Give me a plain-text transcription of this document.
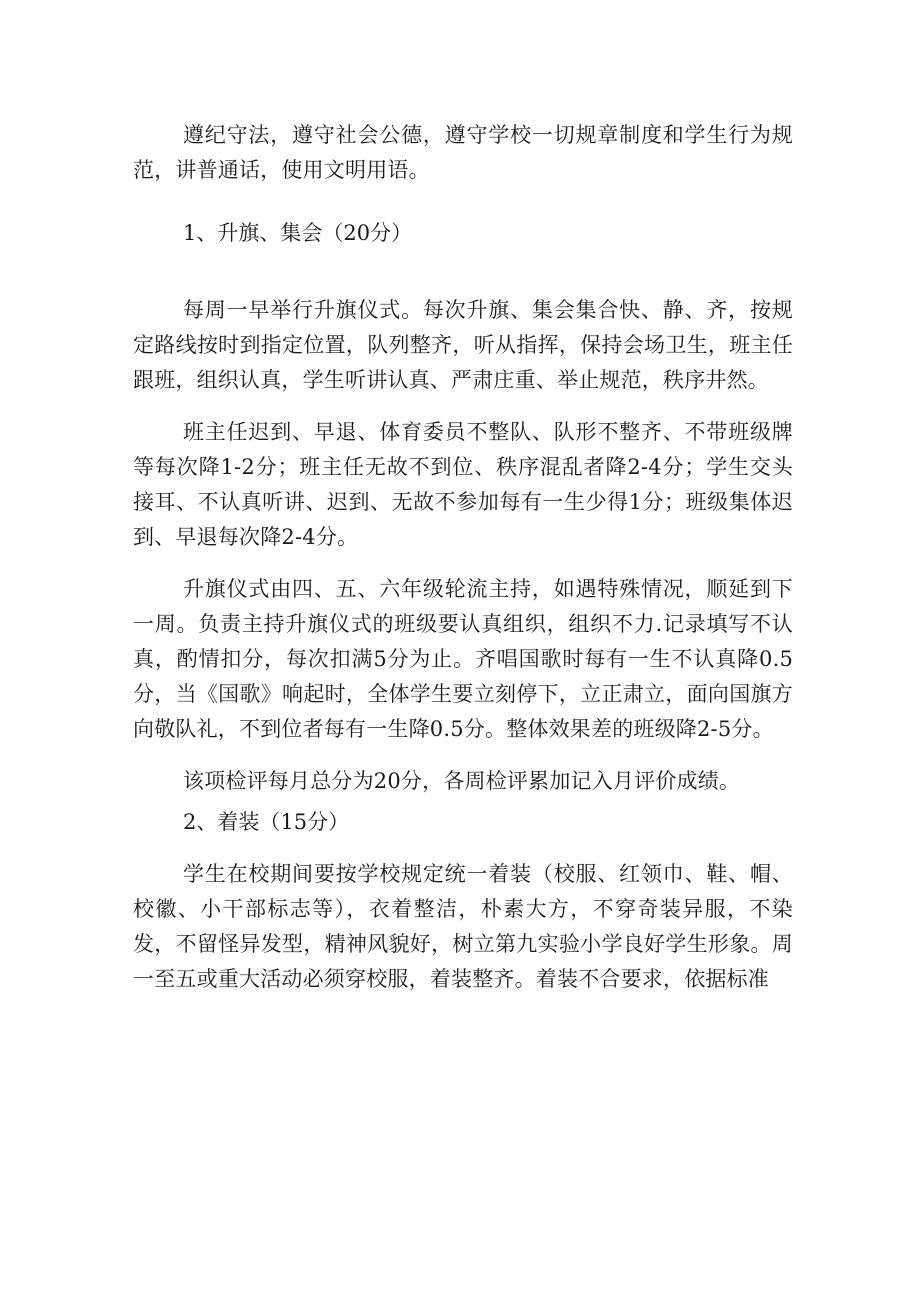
遵纪守法，遵守社会公德，遵守学校一切规章制度和学生行为规范，讲普通话，使用文明用语。

1、升旗、集会（20分）

每周一早举行升旗仪式。每次升旗、集会集合快、静、齐，按规定路线按时到指定位置，队列整齐，听从指挥，保持会场卫生，班主任跟班，组织认真，学生听讲认真、严肃庄重、举止规范，秩序井然。

班主任迟到、早退、体育委员不整队、队形不整齐、不带班级牌等每次降1-2分；班主任无故不到位、秩序混乱者降2-4分；学生交头接耳、不认真听讲、迟到、无故不参加每有一生少得1分；班级集体迟到、早退每次降2-4分。

升旗仪式由四、五、六年级轮流主持，如遇特殊情况，顺延到下一周。负责主持升旗仪式的班级要认真组织，组织不力.记录填写不认真，酌情扣分，每次扣满5分为止。齐唱国歌时每有一生不认真降0.5分，当《国歌》响起时，全体学生要立刻停下，立正肃立，面向国旗方向敬队礼，不到位者每有一生降0.5分。整体效果差的班级降2-5分。

该项检评每月总分为20分，各周检评累加记入月评价成绩。

2、着装（15分）

学生在校期间要按学校规定统一着装（校服、红领巾、鞋、帽、校徽、小干部标志等），衣着整洁，朴素大方，不穿奇装异服，不染发，不留怪异发型，精神风貌好，树立第九实验小学良好学生形象。周一至五或重大活动必须穿校服，着装整齐。着装不合要求，依据标准
